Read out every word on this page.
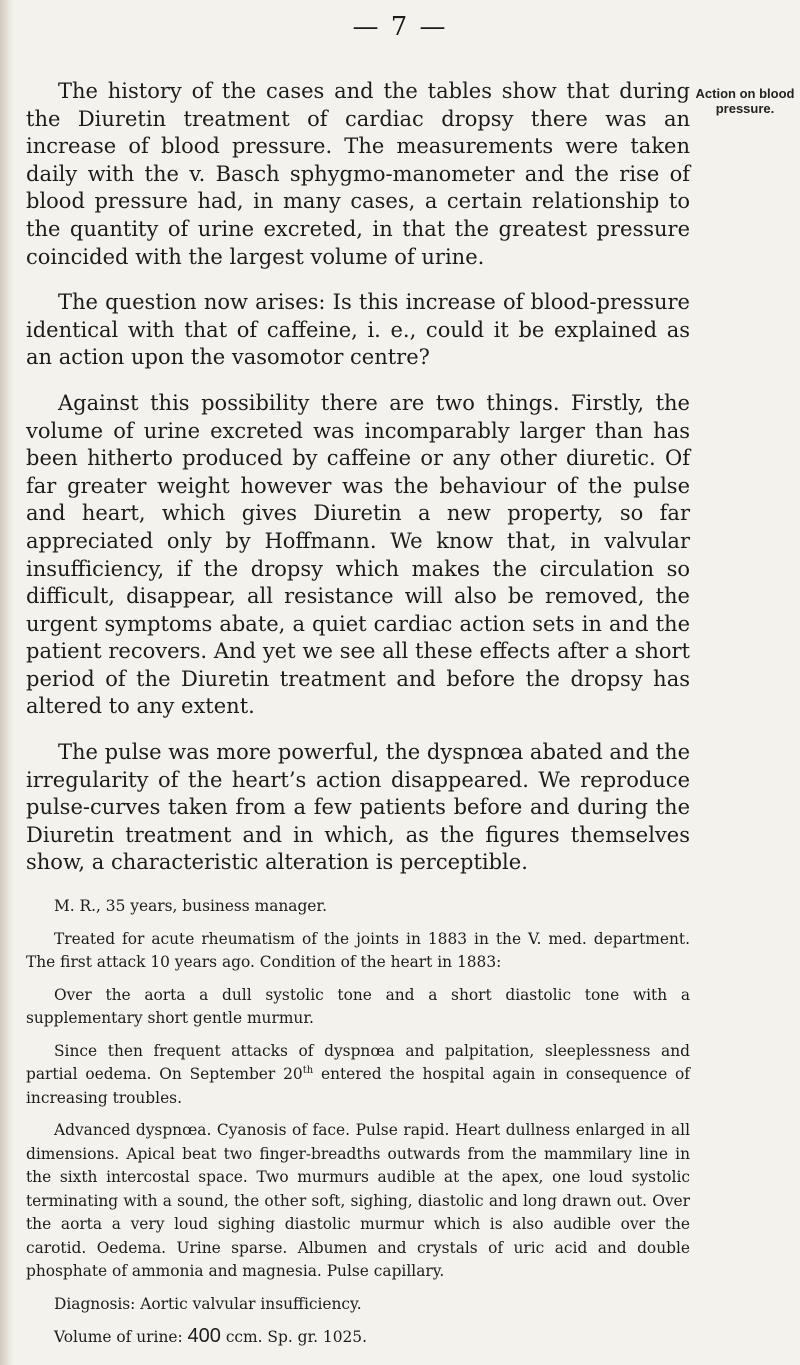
— 7 —
Action on blood pressure.

The history of the cases and the tables show that during the Diuretin treatment of cardiac dropsy there was an increase of blood pressure. The measurements were taken daily with the v. Basch sphygmo-manometer and the rise of blood pressure had, in many cases, a certain relationship to the quantity of urine excreted, in that the greatest pressure coincided with the largest volume of urine.

The question now arises: Is this increase of blood-pressure identical with that of caffeine, i. e., could it be explained as an action upon the vasomotor centre?

Against this possibility there are two things. Firstly, the volume of urine excreted was incomparably larger than has been hitherto produced by caffeine or any other diuretic. Of far greater weight however was the behaviour of the pulse and heart, which gives Diuretin a new property, so far appreciated only by Hoffmann. We know that, in valvular insufficiency, if the dropsy which makes the circulation so difficult, disappear, all resistance will also be removed, the urgent symptoms abate, a quiet cardiac action sets in and the patient recovers. And yet we see all these effects after a short period of the Diuretin treatment and before the dropsy has altered to any extent.

The pulse was more powerful, the dyspnœa abated and the irregularity of the heart’s action disappeared. We reproduce pulse-curves taken from a few patients before and during the Diuretin treatment and in which, as the figures themselves show, a characteristic alteration is perceptible.

M. R., 35 years, business manager.

Treated for acute rheumatism of the joints in 1883 in the V. med. department. The first attack 10 years ago. Condition of the heart in 1883:

Over the aorta a dull systolic tone and a short diastolic tone with a supplementary short gentle murmur.

Since then frequent attacks of dyspnœa and palpitation, sleeplessness and partial oedema. On September 20th entered the hospital again in consequence of increasing troubles.

Advanced dyspnœa. Cyanosis of face. Pulse rapid. Heart dullness enlarged in all dimensions. Apical beat two finger-breadths outwards from the mammilary line in the sixth intercostal space. Two murmurs audible at the apex, one loud systolic terminating with a sound, the other soft, sighing, diastolic and long drawn out. Over the aorta a very loud sighing diastolic murmur which is also audible over the carotid. Oedema. Urine sparse. Albumen and crystals of uric acid and double phosphate of ammonia and magnesia. Pulse capillary.

Diagnosis: Aortic valvular insufficiency.

Volume of urine: 400 ccm. Sp. gr. 1025.
